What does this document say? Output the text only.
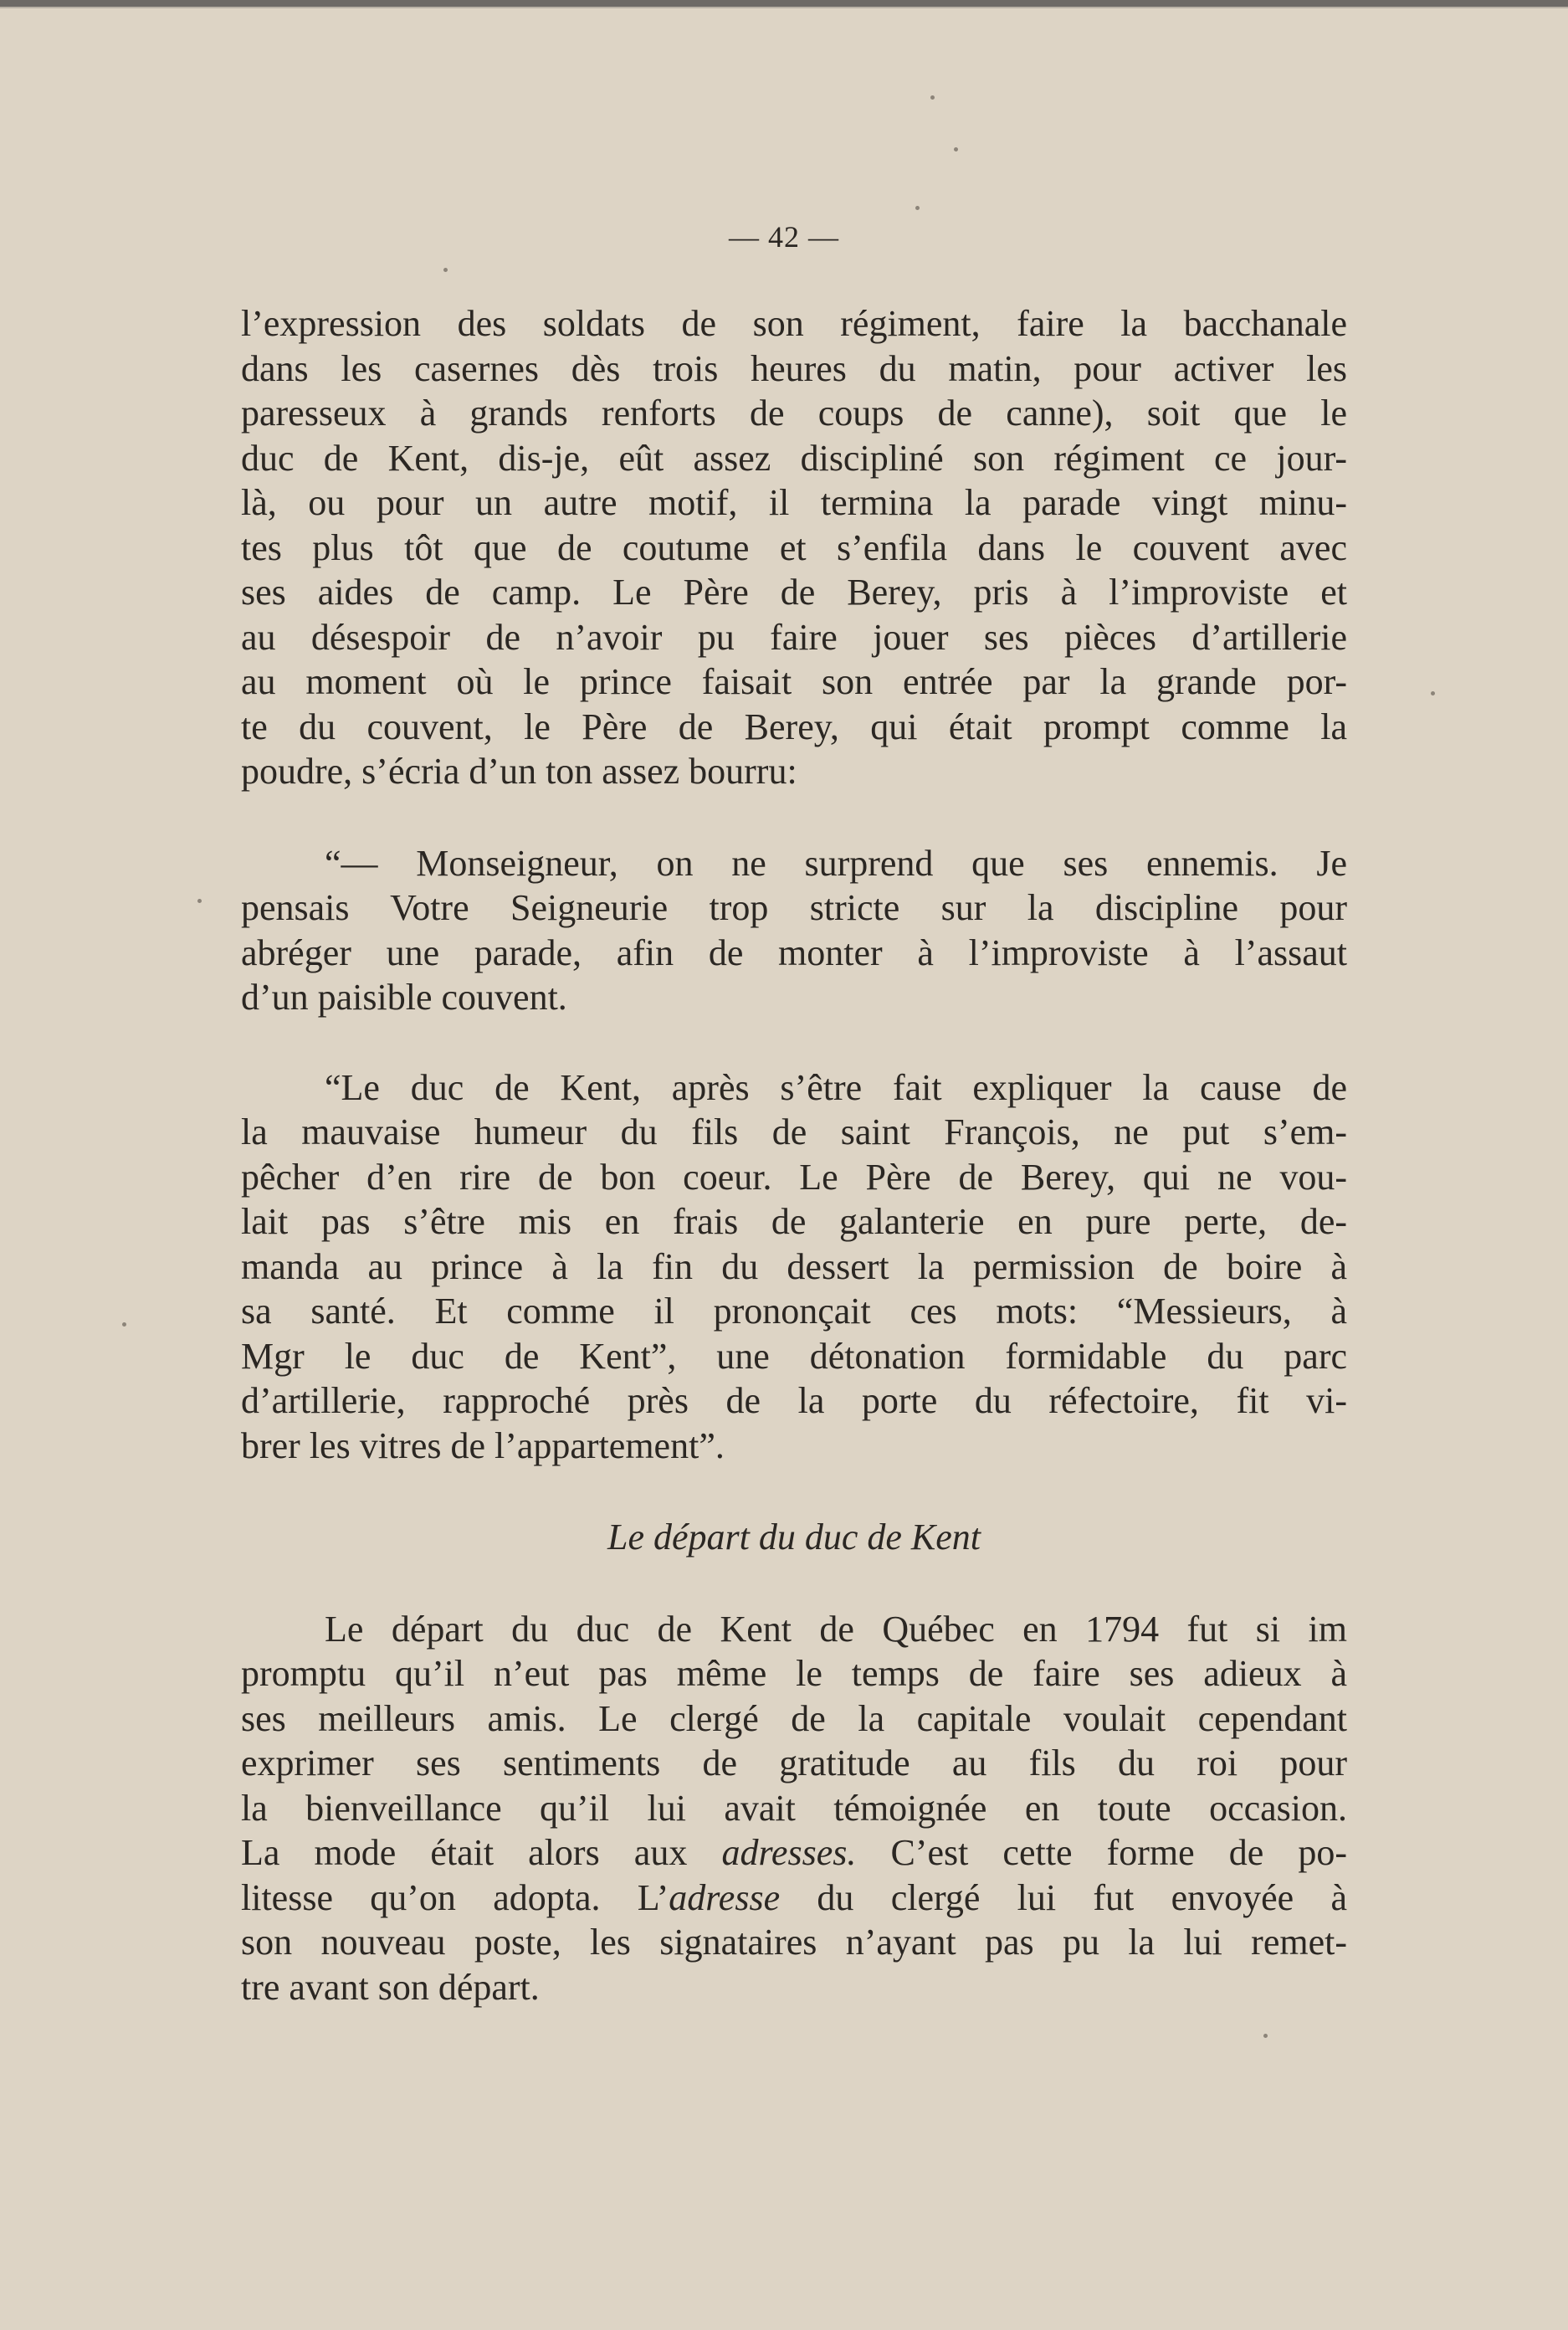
— 42 —
l’expression des soldats de son régiment, faire la bacchanale
dans les casernes dès trois heures du matin, pour activer les
paresseux à grands renforts de coups de canne), soit que le
duc de Kent, dis-je, eût assez discipliné son régiment ce jour-
là, ou pour un autre motif, il termina la parade vingt minu-
tes plus tôt que de coutume et s’enfila dans le couvent avec
ses aides de camp. Le Père de Berey, pris à l’improviste et
au désespoir de n’avoir pu faire jouer ses pièces d’artillerie
au moment où le prince faisait son entrée par la grande por-
te du couvent, le Père de Berey, qui était prompt comme la
poudre, s’écria d’un ton assez bourru:
“— Monseigneur, on ne surprend que ses ennemis. Je
pensais Votre Seigneurie trop stricte sur la discipline pour
abréger une parade, afin de monter à l’improviste à l’assaut
d’un paisible couvent.
“Le duc de Kent, après s’être fait expliquer la cause de
la mauvaise humeur du fils de saint François, ne put s’em-
pêcher d’en rire de bon coeur. Le Père de Berey, qui ne vou-
lait pas s’être mis en frais de galanterie en pure perte, de-
manda au prince à la fin du dessert la permission de boire à
sa santé. Et comme il prononçait ces mots: “Messieurs, à
Mgr le duc de Kent”, une détonation formidable du parc
d’artillerie, rapproché près de la porte du réfectoire, fit vi-
brer les vitres de l’appartement”.

Le départ du duc de Kent

Le départ du duc de Kent de Québec en 1794 fut si im
promptu qu’il n’eut pas même le temps de faire ses adieux à
ses meilleurs amis. Le clergé de la capitale voulait cependant
exprimer ses sentiments de gratitude au fils du roi pour
la bienveillance qu’il lui avait témoignée en toute occasion.
La mode était alors aux adresses. C’est cette forme de po-
litesse qu’on adopta. L’adresse du clergé lui fut envoyée à
son nouveau poste, les signataires n’ayant pas pu la lui remet-
tre avant son départ.
